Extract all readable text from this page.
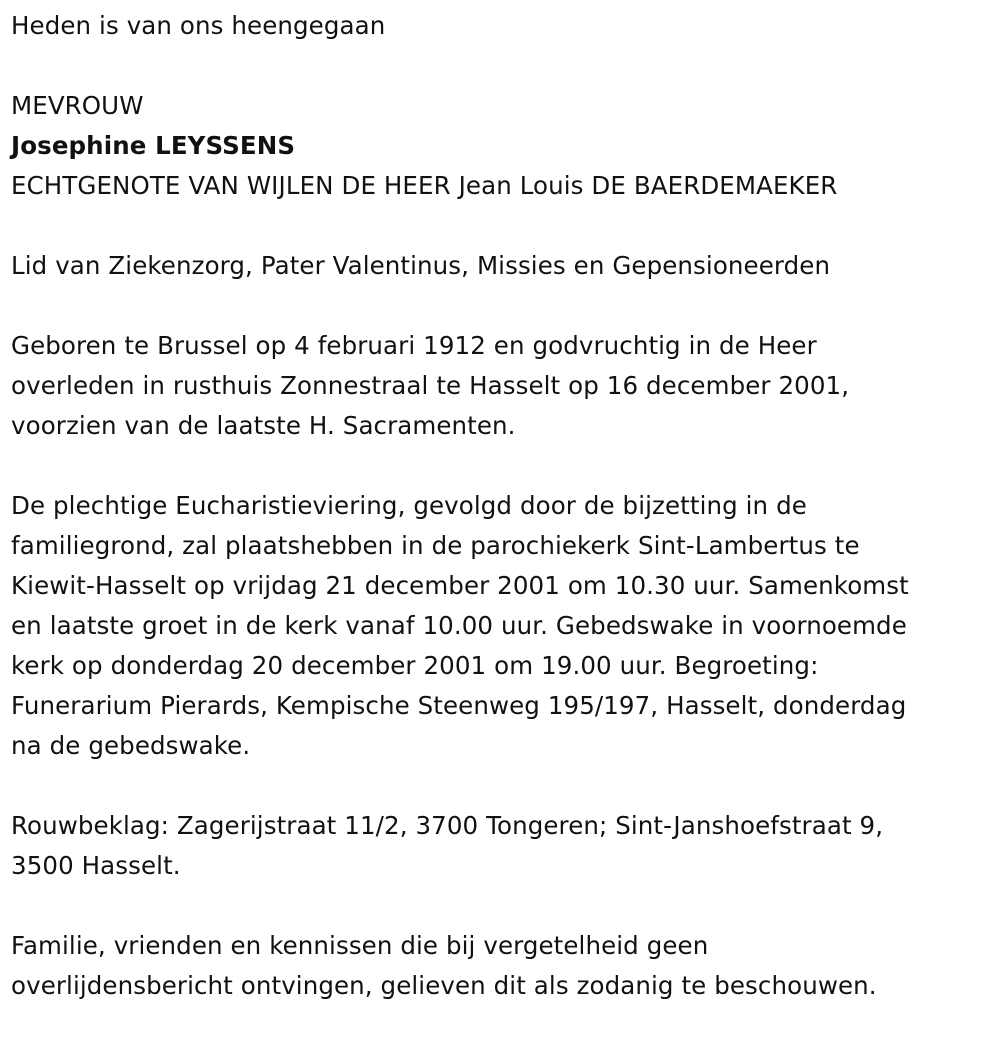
Heden is van ons heengegaan
MEVROUW
Josephine LEYSSENS
ECHTGENOTE VAN WIJLEN DE HEER Jean Louis DE BAERDEMAEKER
Lid van Ziekenzorg, Pater Valentinus, Missies en Gepensioneerden
Geboren te Brussel op 4 februari 1912 en godvruchtig in de Heer
overleden in rusthuis Zonnestraal te Hasselt op 16 december 2001,
voorzien van de laatste H. Sacramenten.
De plechtige Eucharistieviering, gevolgd door de bijzetting in de
familiegrond, zal plaatshebben in de parochiekerk Sint-Lambertus te
Kiewit-Hasselt op vrijdag 21 december 2001 om 10.30 uur. Samenkomst
en laatste groet in de kerk vanaf 10.00 uur. Gebedswake in voornoemde
kerk op donderdag 20 december 2001 om 19.00 uur. Begroeting:
Funerarium Pierards, Kempische Steenweg 195/197, Hasselt, donderdag
na de gebedswake.
Rouwbeklag: Zagerijstraat 11/2, 3700 Tongeren; Sint-Janshoefstraat 9,
3500 Hasselt.
Familie, vrienden en kennissen die bij vergetelheid geen
overlijdensbericht ontvingen, gelieven dit als zodanig te beschouwen.
